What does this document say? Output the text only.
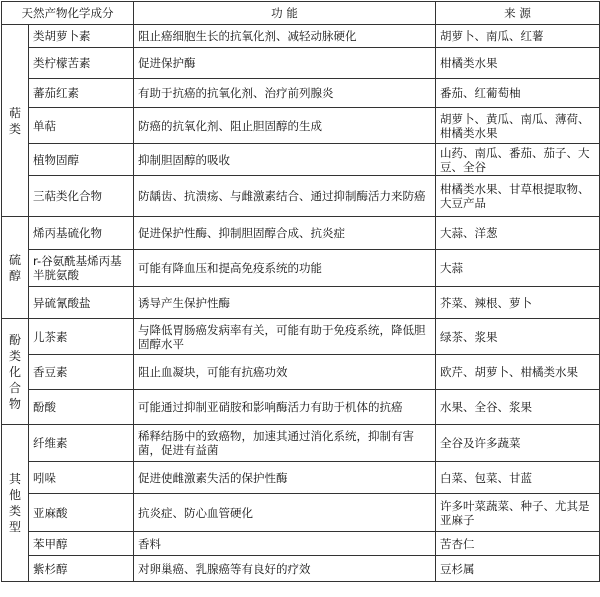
天然产物化学成分		功 能	来 源
萜类	类胡萝卜素	阻止癌细胞生长的抗氧化剂、减轻动脉硬化	胡萝卜、南瓜、红薯
	类柠檬苦素	促进保护酶	柑橘类水果
	蕃茄红素	有助于抗癌的抗氧化剂、治疗前列腺炎	番茄、红葡萄柚
	单萜	防癌的抗氧化剂、阻止胆固醇的生成	胡萝卜、黄瓜、南瓜、薄荷、柑橘类水果
	植物固醇	抑制胆固醇的吸收	山药、南瓜、番茄、茄子、大豆、全谷
	三萜类化合物	防龋齿、抗溃疡、与雌激素结合、通过抑制酶活力来防癌	柑橘类水果、甘草根提取物、大豆产品
硫醇	烯丙基硫化物	促进保护性酶、抑制胆固醇合成、抗炎症	大蒜、洋葱
	r-谷氨酰基烯丙基半胱氨酸	可能有降血压和提高免疫系统的功能	大蒜
	异硫氰酸盐	诱导产生保护性酶	芥菜、辣根、萝卜
酚类化合物	儿茶素	与降低胃肠癌发病率有关，可能有助于免疫系统，降低胆固醇水平	绿茶、浆果
	香豆素	阻止血凝块，可能有抗癌功效	欧芹、胡萝卜、柑橘类水果
	酚酸	可能通过抑制亚硝胺和影响酶活力有助于机体的抗癌	水果、全谷、浆果
其他类型	纤维素	稀释结肠中的致癌物，加速其通过消化系统，抑制有害菌，促进有益菌	全谷及许多蔬菜
	吲哚	促进使雌激素失活的保护性酶	白菜、包菜、甘蓝
	亚麻酸	抗炎症、防心血管硬化	许多叶菜蔬菜、种子、尤其是亚麻子
	苯甲醇	香料	苦杏仁
	紫杉醇	对卵巢癌、乳腺癌等有良好的疗效	豆杉属
